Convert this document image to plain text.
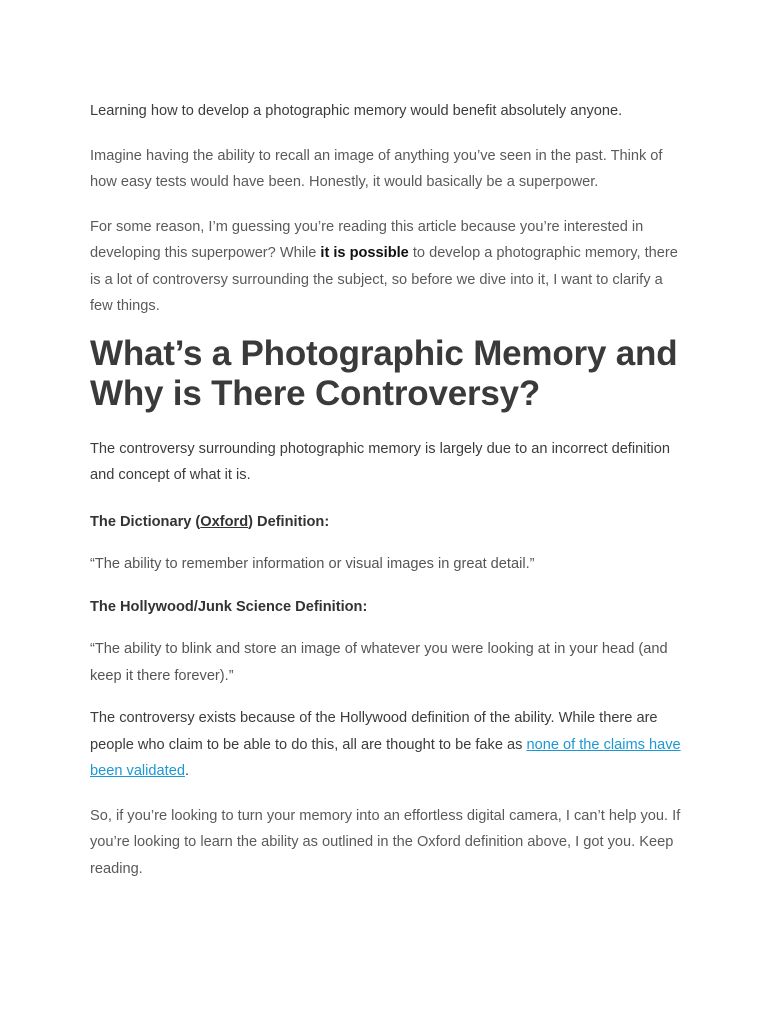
Learning how to develop a photographic memory would benefit absolutely anyone.

Imagine having the ability to recall an image of anything you’ve seen in the past. Think of how easy tests would have been. Honestly, it would basically be a superpower.

For some reason, I’m guessing you’re reading this article because you’re interested in developing this superpower? While it is possible to develop a photographic memory, there is a lot of controversy surrounding the subject, so before we dive into it, I want to clarify a few things.

What’s a Photographic Memory and Why is There Controversy?

The controversy surrounding photographic memory is largely due to an incorrect definition and concept of what it is.

The Dictionary (Oxford) Definition:

“The ability to remember information or visual images in great detail.”

The Hollywood/Junk Science Definition:

“The ability to blink and store an image of whatever you were looking at in your head (and keep it there forever).”

The controversy exists because of the Hollywood definition of the ability. While there are people who claim to be able to do this, all are thought to be fake as none of the claims have been validated.

So, if you’re looking to turn your memory into an effortless digital camera, I can’t help you. If you’re looking to learn the ability as outlined in the Oxford definition above, I got you. Keep reading.
